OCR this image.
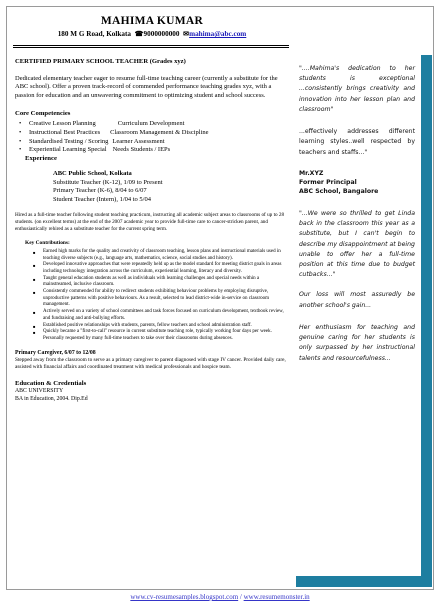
MAHIMA KUMAR
180 M G Road, Kolkata  ☎9000000000  ✉mahima@abc.com
CERTIFIED PRIMARY SCHOOL TEACHER (Grades xyz)
Dedicated elementary teacher eager to resume full-time teaching career (currently a substitute for the ABC school). Offer a proven track-record of commended performance teaching grades xyz, with a passion for education and an unwavering commitment to optimizing student and school success.
Core Competencies
• Creative Lesson Planning	Curriculum Development
• Instructional Best Practices Classroom Management & Discipline
• Standardised Testing / Scoring Learner Assessment
• Experiential Learning Special Needs Students / IEPs
Experience
ABC Public School, Kolkata
Substitute Teacher (K-12), 1/09 to Present
Primary Teacher (K-6), 8/04 to 6/07
Student Teacher (Intern), 1/04 to 5/04
Hired as a full-time teacher following student teaching practicum, instructing all academic subject areas to classrooms of up to 28 students. (on excellent terms) at the end of the 2007 academic year to provide full-time care to cancer-stricken parent, and enthusiastically rehired as a substitute teacher for the current spring term.
Key Contributions:
■ Earned high marks for the quality and creativity of classroom teaching, lesson plans and instructional materials used in teaching diverse subjects (e.g., language arts, mathematics, science, social studies and history).
■ Developed innovative approaches that were repeatedly held up as the model standard for meeting district goals in areas including technology integration across the curriculum, experiential learning, literacy and diversity.
■ Taught general education students as well as individuals with learning challenges and special needs within a mainstreamed, inclusive classroom.
■ Consistently commended for ability to redirect students exhibiting behaviour problems by employing disruptive, unproductive patterns with positive behaviours. As a result, selected to lead district-wide in-service on classroom management.
■ Actively served on a variety of school committees and task forces focused on curriculum development, textbook review, and fundraising and anti-bullying efforts.
■ Established positive relationships with students, parents, fellow teachers and school administration staff.
■ Quickly became a "first-to-call" resource in current substitute teaching role, typically working four days per week. Personally requested by many full-time teachers to take over their classrooms during absences.
Primary Caregiver, 6/07 to 12/08
Stepped away from the classroom to serve as a primary caregiver to parent diagnosed with stage IV cancer. Provided daily care, assisted with financial affairs and coordinated treatment with medical professionals and hospice team.
Education & Credentials
ABC UNIVERSITY
BA in Education, 2004. Dip.Ed
"....Mahima's dedication to her students is exceptional ...consistently brings creativity and innovation into her lesson plan and classroom"
...effectively addresses different learning styles..well respected by teachers and staffs..."
Mr.XYZ
Former Principal
ABC School, Bangalore
"...We were so thrilled to get Linda back in the classroom this year as a substitute, but I can't begin to describe my disappointment at being unable to offer her a full-time position at this time due to budget cutbacks..."
Our loss will most assuredly be another school's gain...
Her enthusiasm for teaching and genuine caring for her students is only surpassed by her instructional talents and resourcefulness...
www.cv-resumesamples.blogspot.com / www.resumemonster.in
